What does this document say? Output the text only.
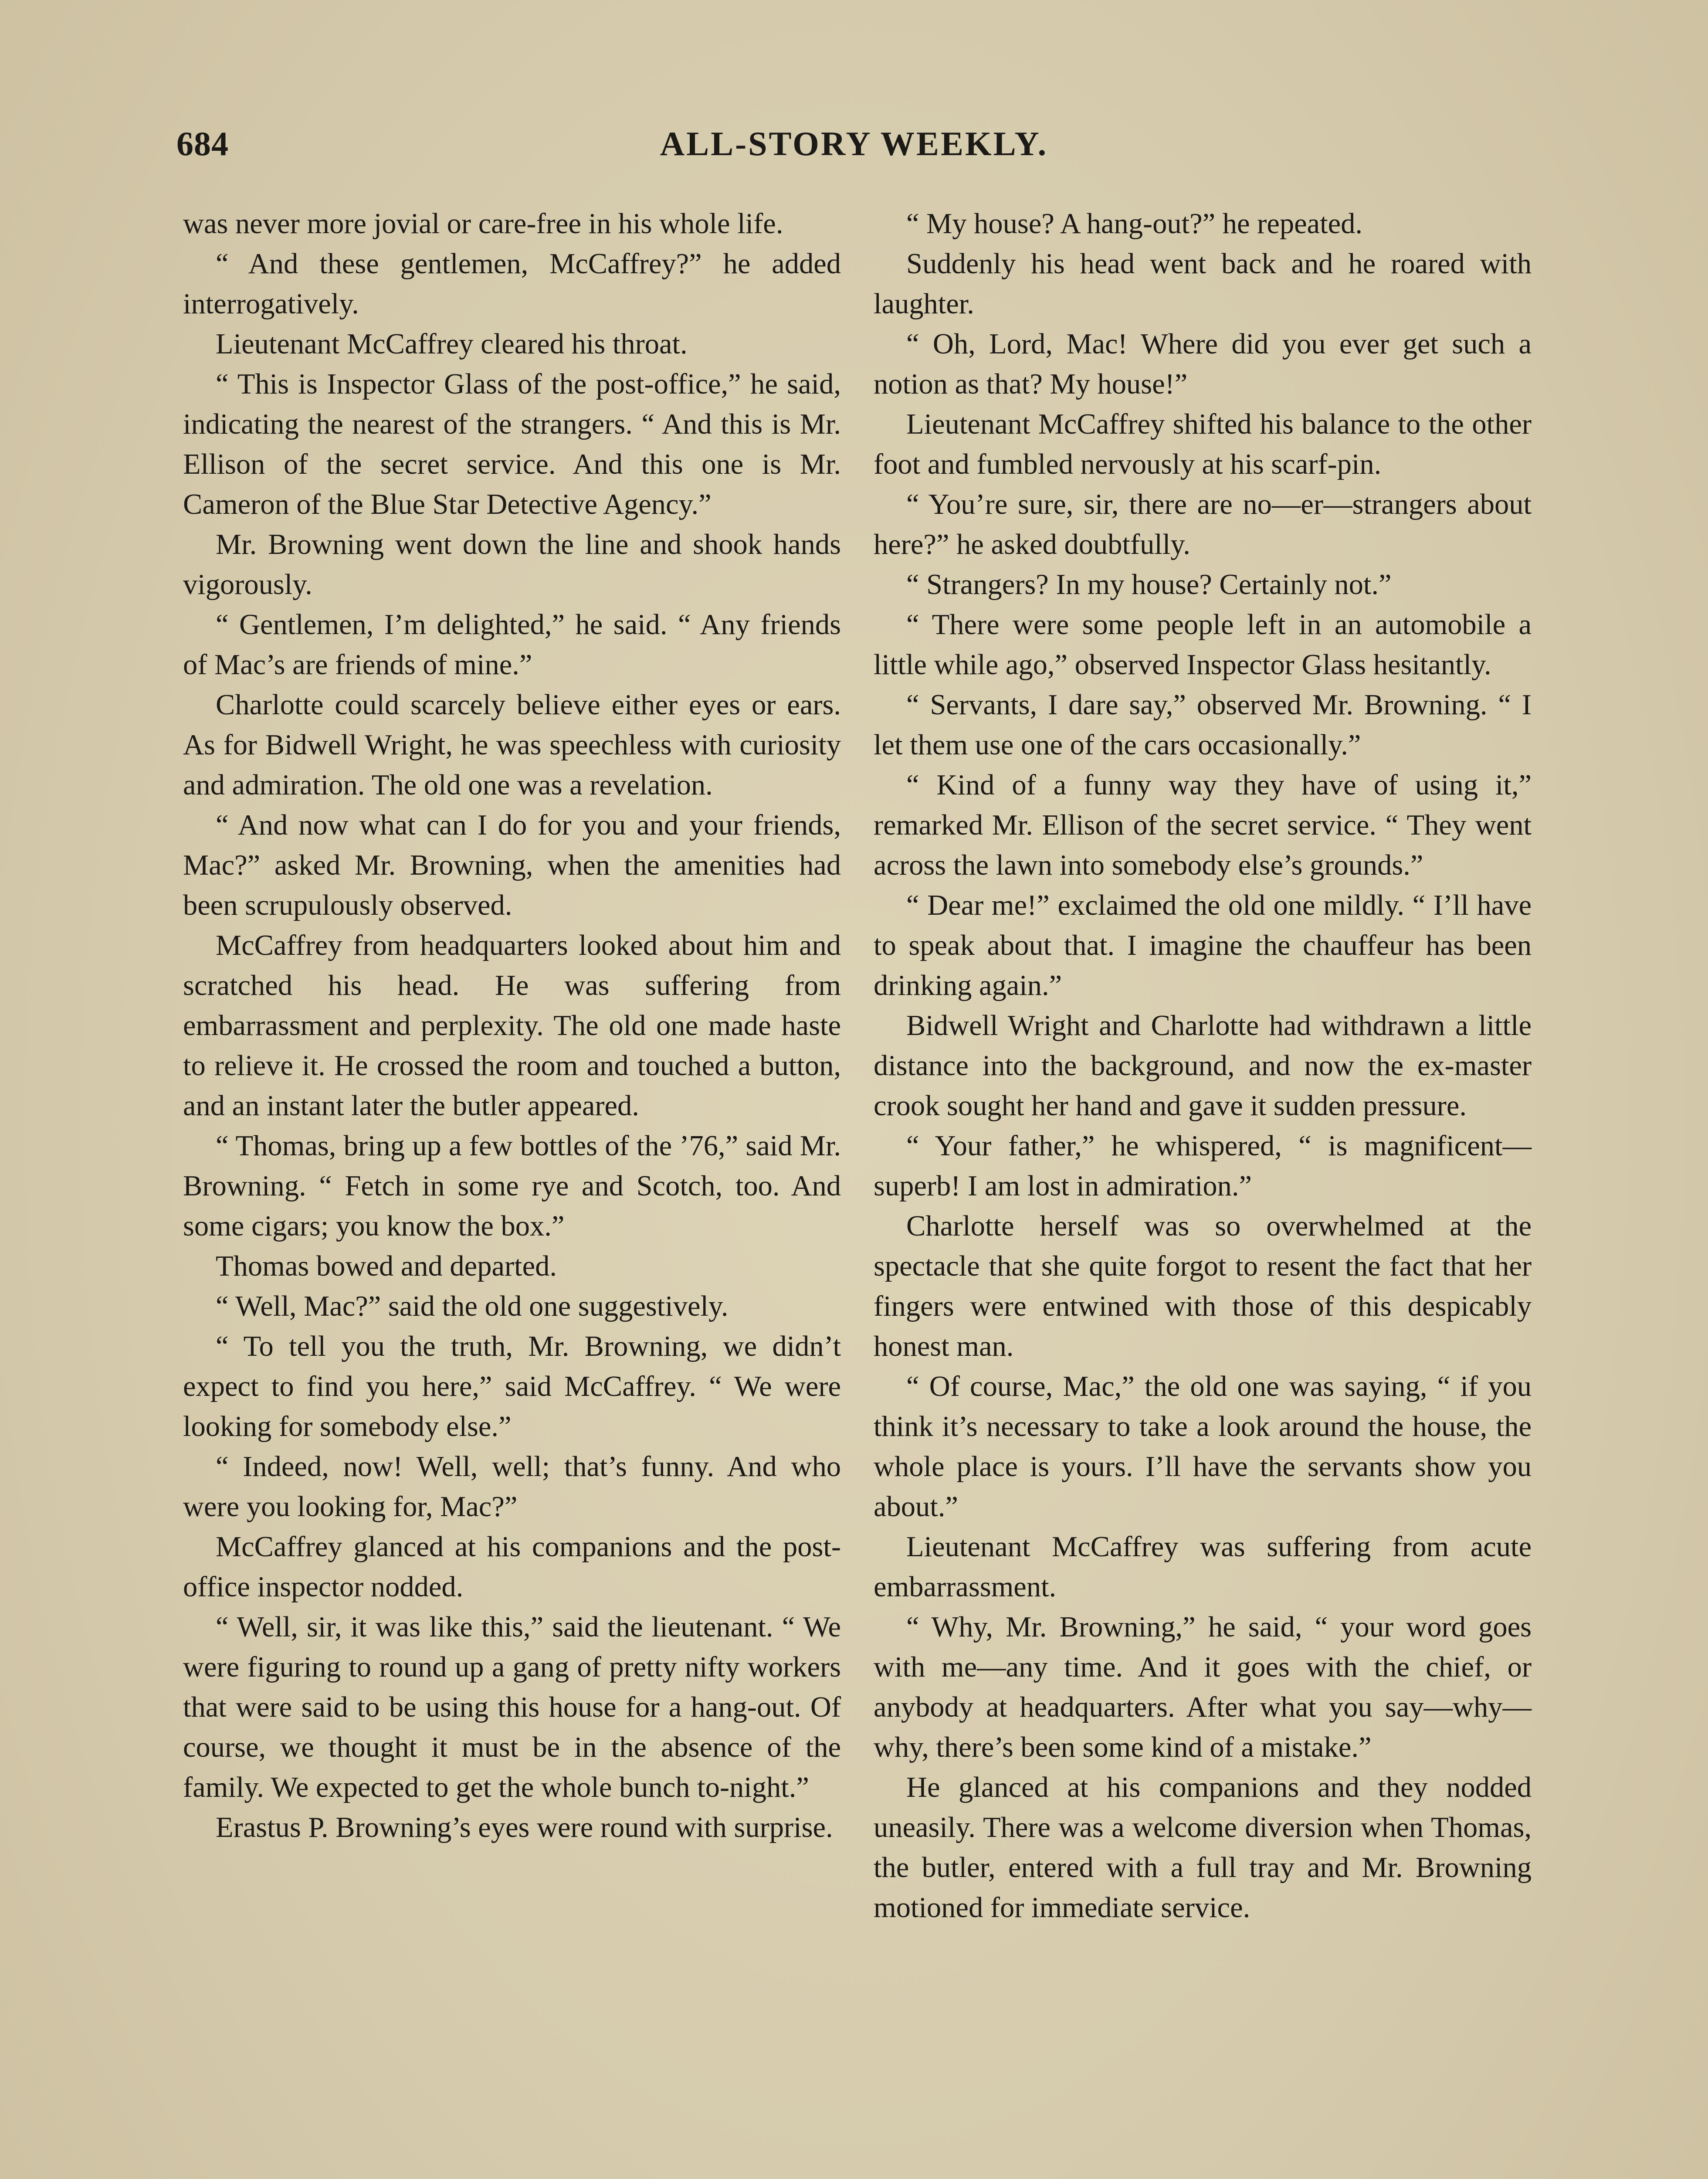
684	ALL-STORY WEEKLY.

was never more jovial or care-free in his whole life.

“ And these gentlemen, McCaffrey?” he added interrogatively.

Lieutenant McCaffrey cleared his throat.

“ This is Inspector Glass of the post-office,” he said, indicating the nearest of the strangers. “ And this is Mr. Ellison of the secret service. And this one is Mr. Cameron of the Blue Star Detective Agency.”

Mr. Browning went down the line and shook hands vigorously.

“ Gentlemen, I’m delighted,” he said. “ Any friends of Mac’s are friends of mine.”

Charlotte could scarcely believe either eyes or ears. As for Bidwell Wright, he was speechless with curiosity and admiration. The old one was a revelation.

“ And now what can I do for you and your friends, Mac?” asked Mr. Browning, when the amenities had been scrupulously observed.

McCaffrey from headquarters looked about him and scratched his head. He was suffering from embarrassment and perplexity. The old one made haste to relieve it. He crossed the room and touched a button, and an instant later the butler appeared.

“ Thomas, bring up a few bottles of the ’76,” said Mr. Browning. “ Fetch in some rye and Scotch, too. And some cigars; you know the box.”

Thomas bowed and departed.

“ Well, Mac?” said the old one suggestively.

“ To tell you the truth, Mr. Browning, we didn’t expect to find you here,” said McCaffrey. “ We were looking for somebody else.”

“ Indeed, now! Well, well; that’s funny. And who were you looking for, Mac?”

McCaffrey glanced at his companions and the post-office inspector nodded.

“ Well, sir, it was like this,” said the lieutenant. “ We were figuring to round up a gang of pretty nifty workers that were said to be using this house for a hang-out. Of course, we thought it must be in the absence of the family. We expected to get the whole bunch to-night.”

Erastus P. Browning’s eyes were round with surprise.

“ My house? A hang-out?” he repeated.

Suddenly his head went back and he roared with laughter.

“ Oh, Lord, Mac! Where did you ever get such a notion as that? My house!”

Lieutenant McCaffrey shifted his balance to the other foot and fumbled nervously at his scarf-pin.

“ You’re sure, sir, there are no—er—strangers about here?” he asked doubtfully.

“ Strangers? In my house? Certainly not.”

“ There were some people left in an automobile a little while ago,” observed Inspector Glass hesitantly.

“ Servants, I dare say,” observed Mr. Browning. “ I let them use one of the cars occasionally.”

“ Kind of a funny way they have of using it,” remarked Mr. Ellison of the secret service. “ They went across the lawn into somebody else’s grounds.”

“ Dear me!” exclaimed the old one mildly. “ I’ll have to speak about that. I imagine the chauffeur has been drinking again.”

Bidwell Wright and Charlotte had withdrawn a little distance into the background, and now the ex-master crook sought her hand and gave it sudden pressure.

“ Your father,” he whispered, “ is magnificent—superb! I am lost in admiration.”

Charlotte herself was so overwhelmed at the spectacle that she quite forgot to resent the fact that her fingers were entwined with those of this despicably honest man.

“ Of course, Mac,” the old one was saying, “ if you think it’s necessary to take a look around the house, the whole place is yours. I’ll have the servants show you about.”

Lieutenant McCaffrey was suffering from acute embarrassment.

“ Why, Mr. Browning,” he said, “ your word goes with me—any time. And it goes with the chief, or anybody at headquarters. After what you say—why—why, there’s been some kind of a mistake.”

He glanced at his companions and they nodded uneasily. There was a welcome diversion when Thomas, the butler, entered with a full tray and Mr. Browning motioned for immediate service.
